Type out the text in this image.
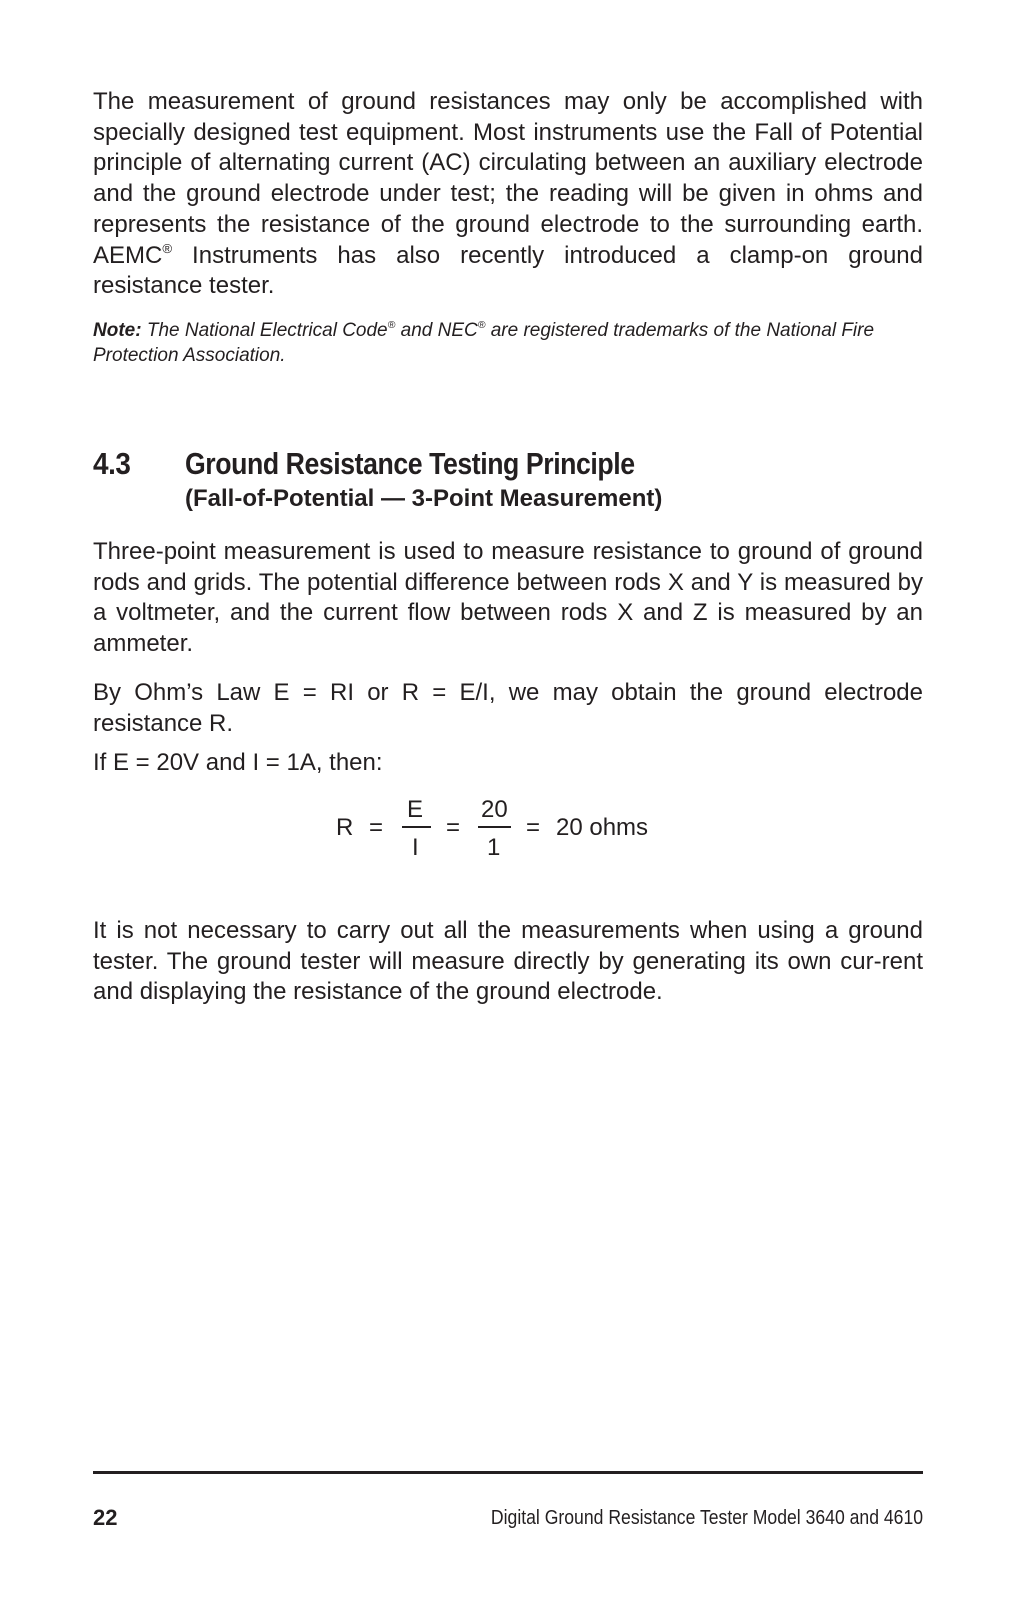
The measurement of ground resistances may only be accomplished with specially designed test equipment. Most instruments use the Fall of Potential principle of alternating current (AC) circulating between an auxiliary electrode and the ground electrode under test; the reading will be given in ohms and represents the resistance of the ground electrode to the surrounding earth. AEMC® Instruments has also recently introduced a clamp-on ground resistance tester.

Note: The National Electrical Code® and NEC® are registered trademarks of the National Fire Protection Association.

4.3 Ground Resistance Testing Principle
(Fall-of-Potential — 3-Point Measurement)

Three-point measurement is used to measure resistance to ground of ground rods and grids. The potential difference between rods X and Y is measured by a voltmeter, and the current flow between rods X and Z is measured by an ammeter.

By Ohm’s Law E = RI or R = E/I, we may obtain the ground electrode resistance R.

If E = 20V and I = 1A, then:

R =
E
I
=
20
1
= 20 ohms

It is not necessary to carry out all the measurements when using a ground tester. The ground tester will measure directly by generating its own cur-rent and displaying the resistance of the ground electrode.

22	Digital Ground Resistance Tester Model 3640 and 4610
